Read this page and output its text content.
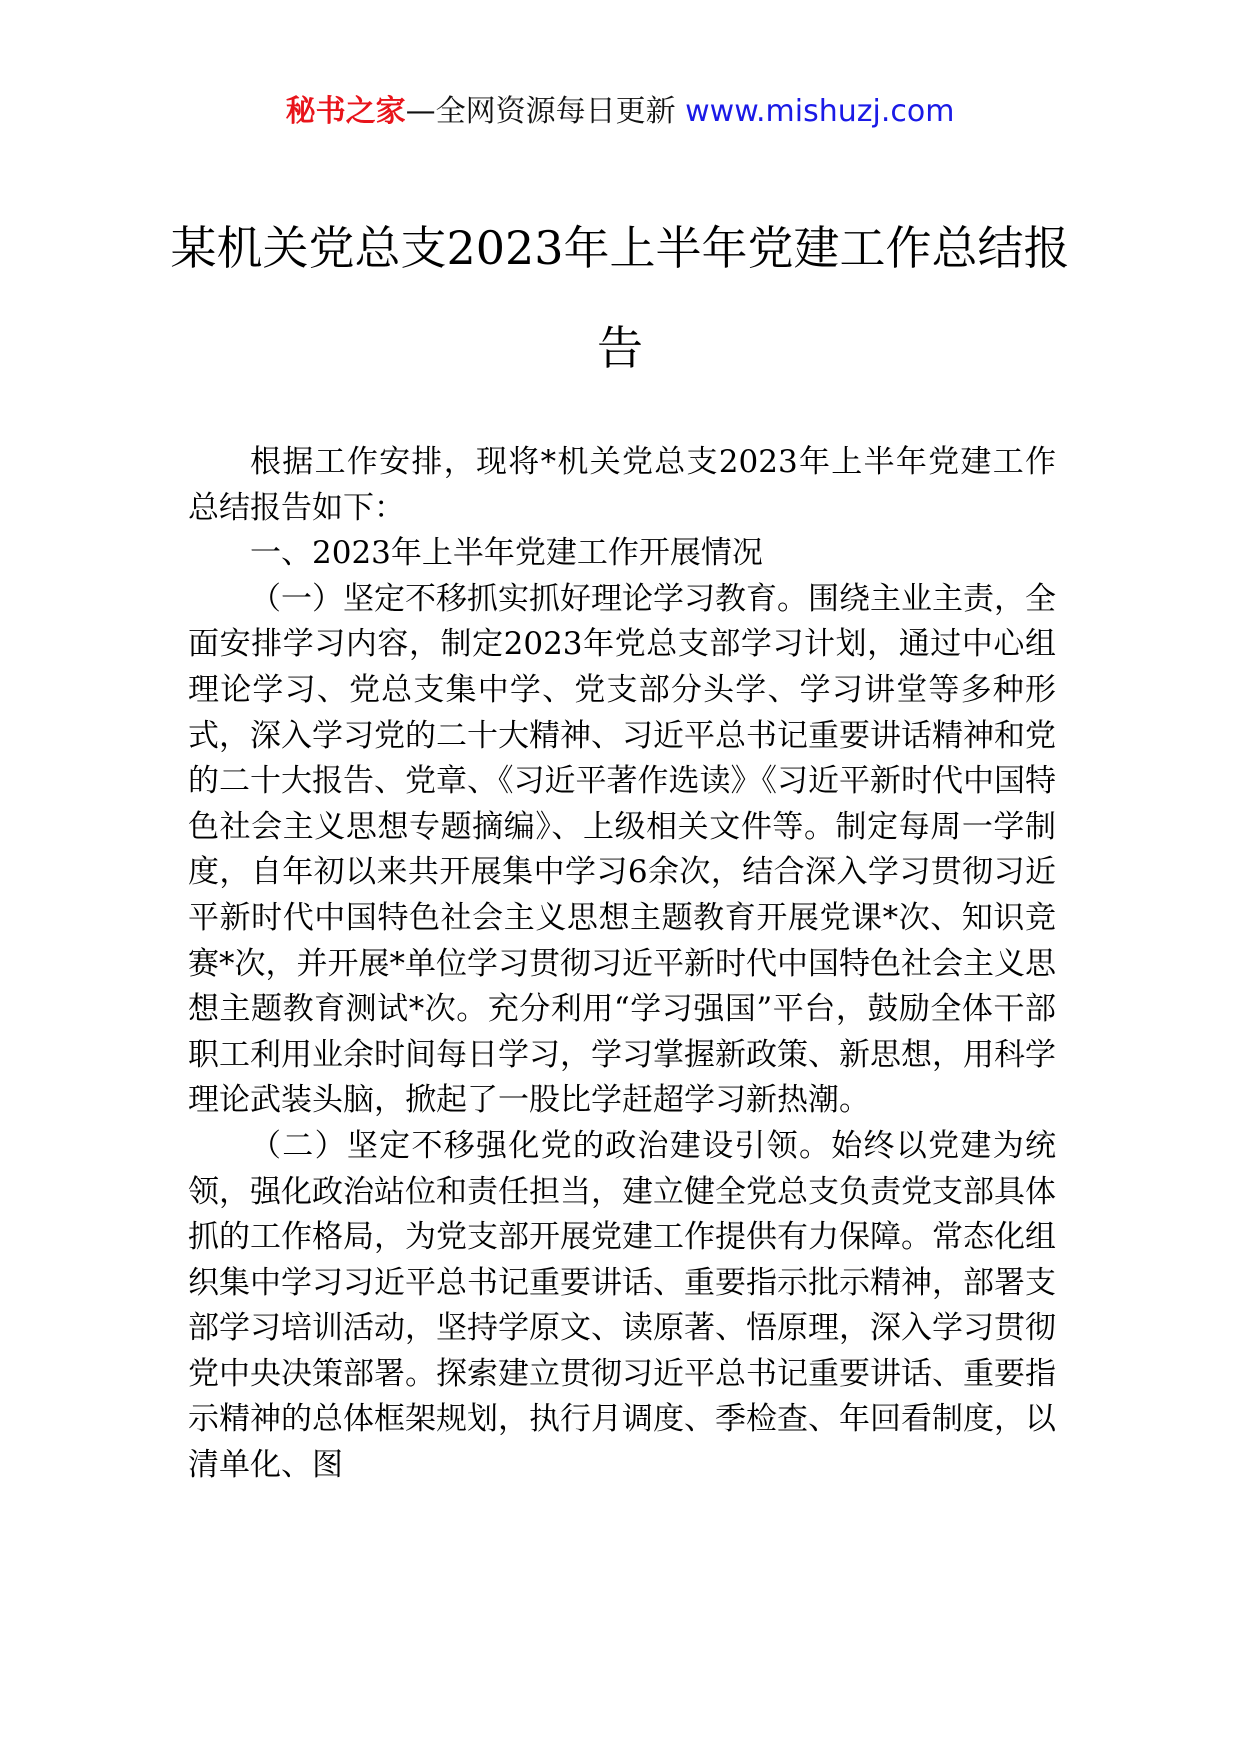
秘书之家—全网资源每日更新 www.mishuzj.com
某机关党总支2023年上半年党建工作总结报告

根据工作安排，现将*机关党总支2023年上半年党建工作总结报告如下：

一、2023年上半年党建工作开展情况

（一）坚定不移抓实抓好理论学习教育。围绕主业主责，全面安排学习内容，制定2023年党总支部学习计划，通过中心组理论学习、党总支集中学、党支部分头学、学习讲堂等多种形式，深入学习党的二十大精神、习近平总书记重要讲话精神和党的二十大报告、党章、《习近平著作选读》《习近平新时代中国特色社会主义思想专题摘编》、上级相关文件等。制定每周一学制度，自年初以来共开展集中学习6余次，结合深入学习贯彻习近平新时代中国特色社会主义思想主题教育开展党课*次、知识竞赛*次，并开展*单位学习贯彻习近平新时代中国特色社会主义思想主题教育测试*次。充分利用“学习强国”平台，鼓励全体干部职工利用业余时间每日学习，学习掌握新政策、新思想，用科学理论武装头脑，掀起了一股比学赶超学习新热潮。

（二）坚定不移强化党的政治建设引领。始终以党建为统领，强化政治站位和责任担当，建立健全党总支负责党支部具体抓的工作格局，为党支部开展党建工作提供有力保障。常态化组织集中学习习近平总书记重要讲话、重要指示批示精神，部署支部学习培训活动，坚持学原文、读原著、悟原理，深入学习贯彻党中央决策部署。探索建立贯彻习近平总书记重要讲话、重要指示精神的总体框架规划，执行月调度、季检查、年回看制度，以清单化、图
